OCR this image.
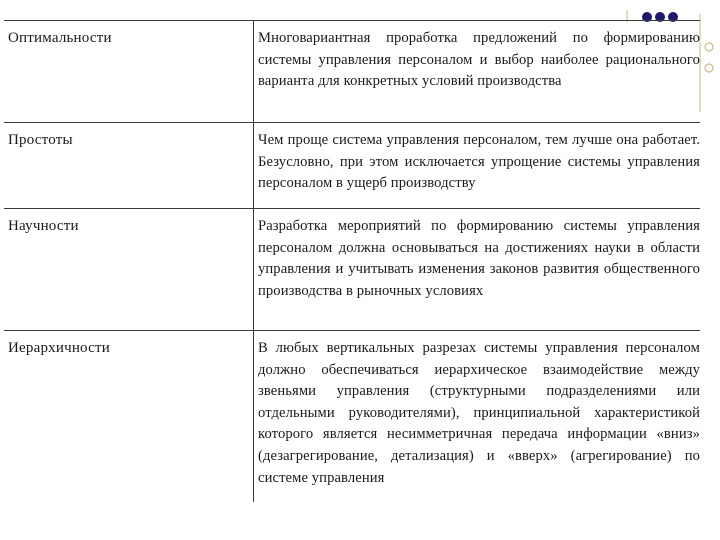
Оптимальности	Многовариантная проработка предложений по формированию системы управления персоналом и выбор наиболее рационального варианта для конкретных условий производства
Простоты	Чем проще система управления персоналом, тем лучше она работает. Безусловно, при этом исключается упрощение системы управления персоналом в ущерб производству
Научности	Разработка мероприятий по формированию системы управления персоналом должна основываться на достижениях науки в области управления и учитывать изменения законов развития общественного производства в рыночных условиях
Иерархичности	В любых вертикальных разрезах системы управления персоналом должно обеспечиваться иерархическое взаимодействие между звеньями управления (структурными подразделениями или отдельными руководителями), принципиальной характеристикой которого является несимметричная передача информации «вниз» (дезагрегирование, детализация) и «вверх» (агрегирование) по системе управления
